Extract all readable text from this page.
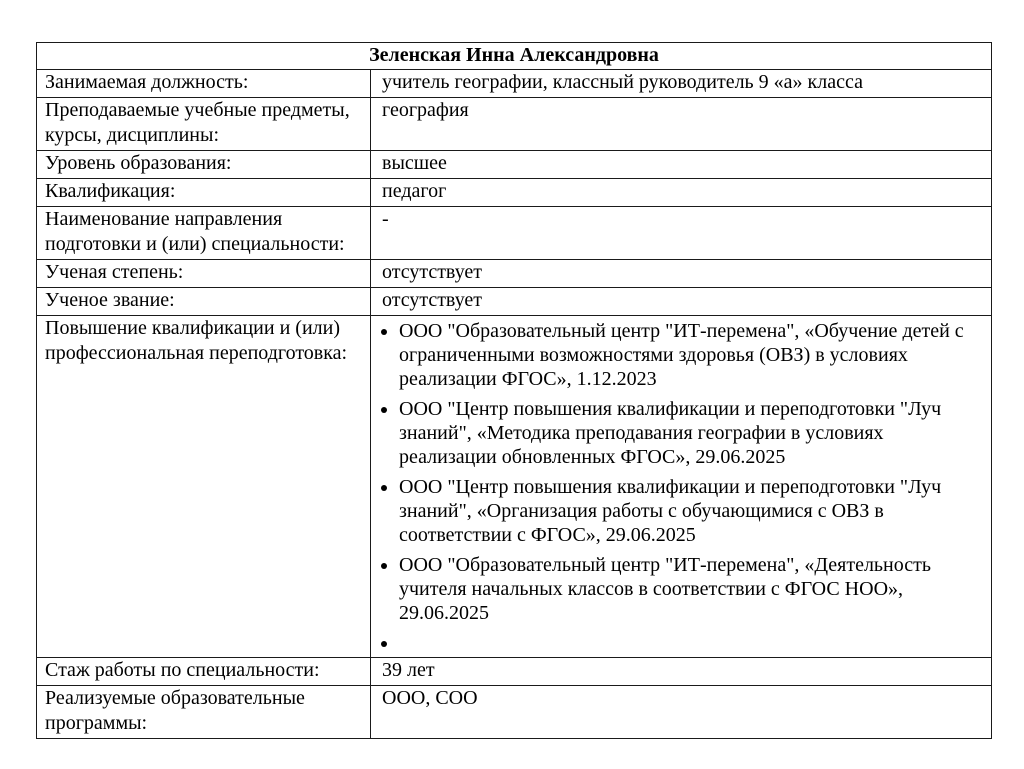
Зеленская Инна Александровна	
Занимаемая должность:	учитель географии, классный руководитель 9 «а» класса
Преподаваемые учебные предметы, курсы, дисциплины:	география
Уровень образования:	высшее
Квалификация:	педагог
Наименование направления подготовки и (или) специальности:	-
Ученая степень:	отсутствует
Ученое звание:	отсутствует
Повышение квалификации и (или) профессиональная переподготовка:	
• ООО "Образовательный центр "ИТ-перемена", «Обучение детей с ограниченными возможностями здоровья (ОВЗ) в условиях реализации ФГОС», 1.12.2023
• ООО "Центр повышения квалификации и переподготовки "Луч знаний", «Методика преподавания географии в условиях реализации обновленных ФГОС», 29.06.2025
• ООО "Центр повышения квалификации и переподготовки "Луч знаний", «Организация работы с обучающимися с ОВЗ в соответствии с ФГОС», 29.06.2025
• ООО "Образовательный центр "ИТ-перемена", «Деятельность учителя начальных классов в соответствии с ФГОС НОО», 29.06.2025
•

Стаж работы по специальности:	39 лет
Реализуемые образовательные программы:	ООО, СОО
